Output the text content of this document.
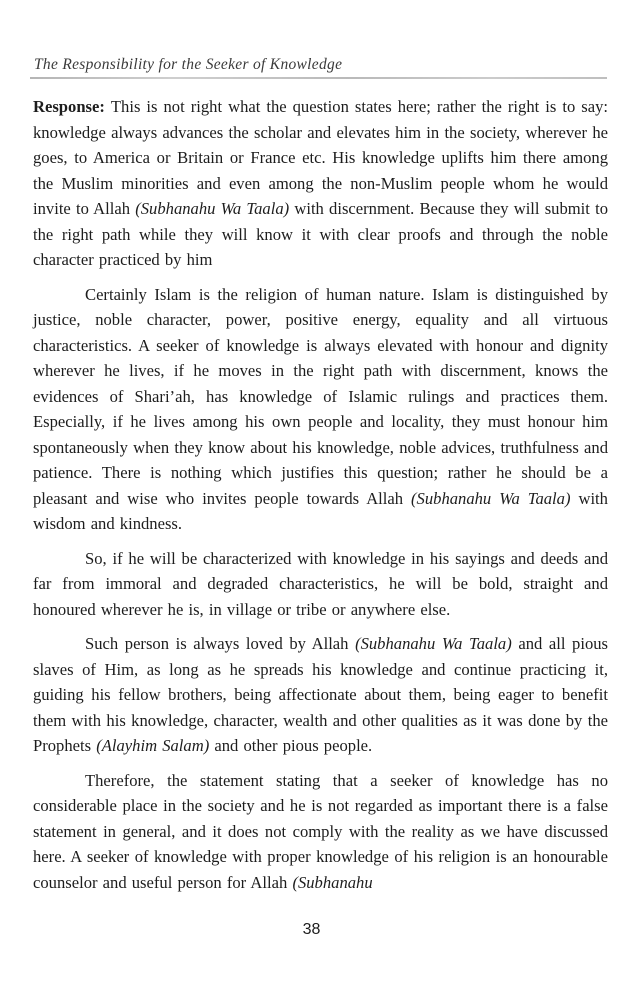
The Responsibility for the Seeker of Knowledge

Response: This is not right what the question states here; rather the right is to say: knowledge always advances the scholar and elevates him in the society, wherever he goes, to America or Britain or France etc. His knowledge uplifts him there among the Muslim minorities and even among the non-Muslim people whom he would invite to Allah (Subhanahu Wa Taala) with discernment. Because they will submit to the right path while they will know it with clear proofs and through the noble character practiced by him

Certainly Islam is the religion of human nature. Islam is distinguished by justice, noble character, power, positive energy, equality and all virtuous characteristics. A seeker of knowledge is always elevated with honour and dignity wherever he lives, if he moves in the right path with discernment, knows the evidences of Shari’ah, has knowledge of Islamic rulings and practices them. Especially, if he lives among his own people and locality, they must honour him spontaneously when they know about his knowledge, noble advices, truthfulness and patience. There is nothing which justifies this question; rather he should be a pleasant and wise who invites people towards Allah (Subhanahu Wa Taala) with wisdom and kindness.

So, if he will be characterized with knowledge in his sayings and deeds and far from immoral and degraded characteristics, he will be bold, straight and honoured wherever he is, in village or tribe or anywhere else.

Such person is always loved by Allah (Subhanahu Wa Taala) and all pious slaves of Him, as long as he spreads his knowledge and continue practicing it, guiding his fellow brothers, being affectionate about them, being eager to benefit them with his knowledge, character, wealth and other qualities as it was done by the Prophets (Alayhim Salam) and other pious people.

Therefore, the statement stating that a seeker of knowledge has no considerable place in the society and he is not regarded as important there is a false statement in general, and it does not comply with the reality as we have discussed here. A seeker of knowledge with proper knowledge of his religion is an honourable counselor and useful person for Allah (Subhanahu

38
